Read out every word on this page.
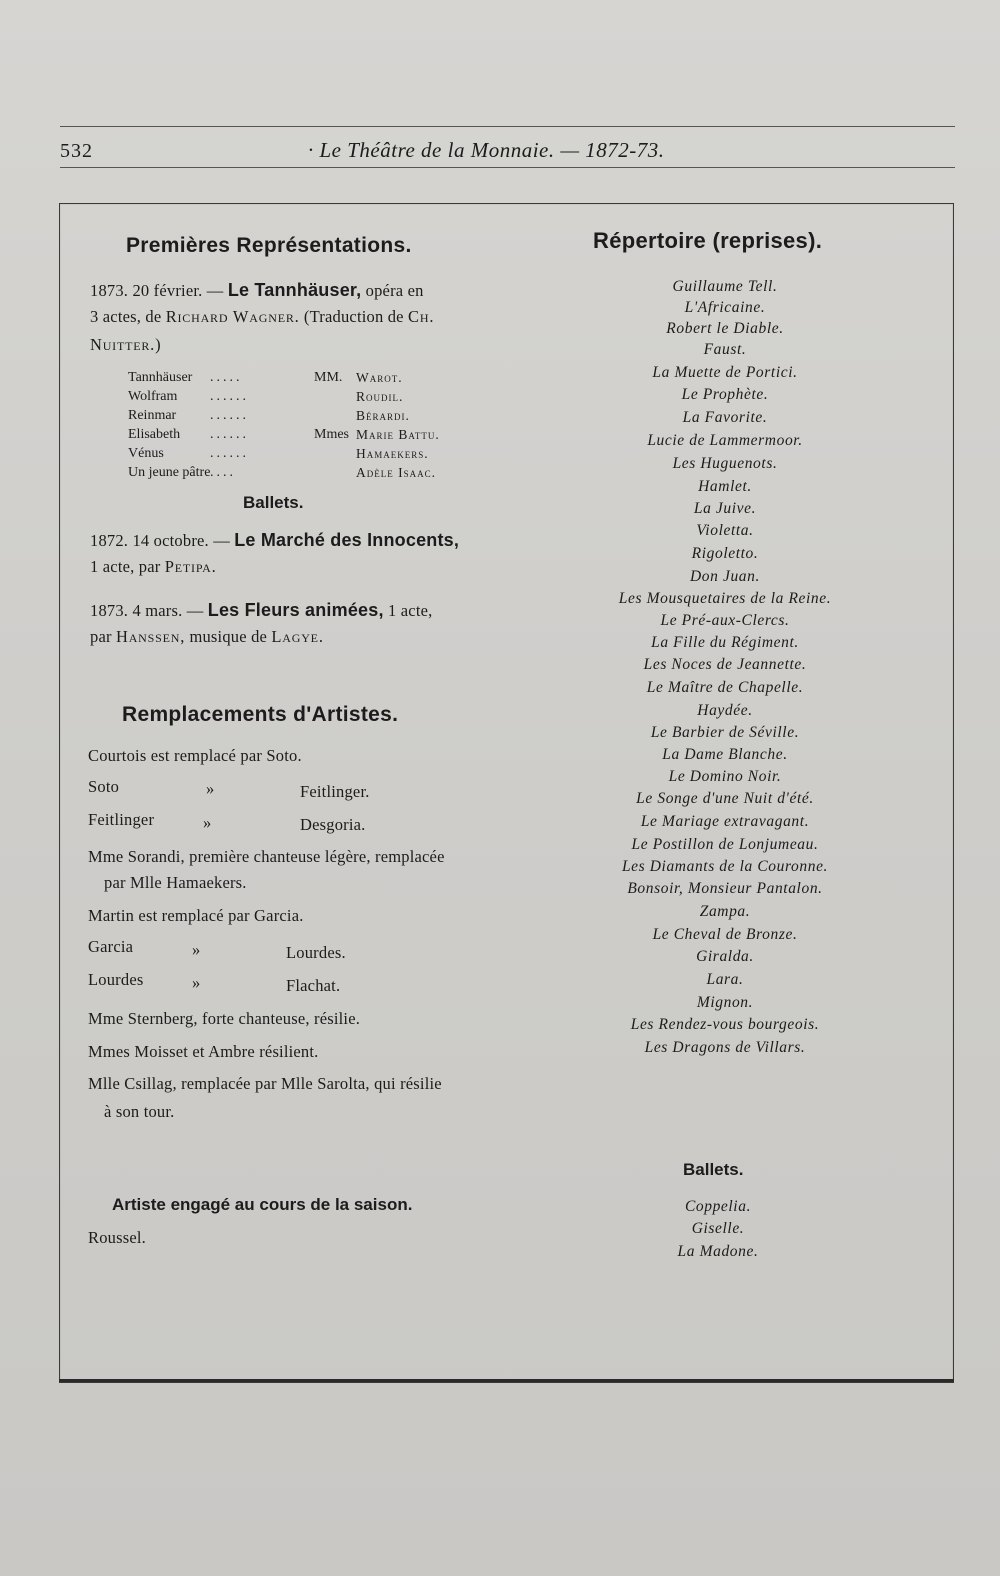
532	· Le Théâtre de la Monnaie. — 1872-73.
Premières Représentations.
1873. 20 février. — Le Tannhäuser, opéra en
3 actes, de Richard Wagner. (Traduction de Ch.
Nuitter.)
Tannhäuser .....	MM. Warot.
Wolfram ......	Roudil.
Reinmar ......	Bérardi.
Elisabeth ......	Mmes Marie Battu.
Vénus	......	Hamaekers.
Un jeune pâtre ....	Adèle Isaac.
Ballets.
1872. 14 octobre. — Le Marché des Innocents,
1 acte, par Petipa.
1873. 4 mars. — Les Fleurs animées, 1 acte,
par Hanssen, musique de Lagye.
Remplacements d'Artistes.
Courtois est remplacé par Soto.
Soto	»	Feitlinger.
Feitlinger	»	Desgoria.
Mme Sorandi, première chanteuse légère, remplacée
par Mlle Hamaekers.
Martin est remplacé par Garcia.
Garcia	»	Lourdes.
Lourdes	»	Flachat.
Mme Sternberg, forte chanteuse, résilie.
Mmes Moisset et Ambre résilient.
Mlle Csillag, remplacée par Mlle Sarolta, qui résilie
à son tour.
Artiste engagé au cours de la saison.
Roussel.
Répertoire (reprises).
Guillaume Tell.
L'Africaine.
Robert le Diable.
Faust.
La Muette de Portici.
Le Prophète.
La Favorite.
Lucie de Lammermoor.
Les Huguenots.
Hamlet.
La Juive.
Violetta.
Rigoletto.
Don Juan.
Les Mousquetaires de la Reine.
Le Pré-aux-Clercs.
La Fille du Régiment.
Les Noces de Jeannette.
Le Maître de Chapelle.
Haydée.
Le Barbier de Séville.
La Dame Blanche.
Le Domino Noir.
Le Songe d'une Nuit d'été.
Le Mariage extravagant.
Le Postillon de Lonjumeau.
Les Diamants de la Couronne.
Bonsoir, Monsieur Pantalon.
Zampa.
Le Cheval de Bronze.
Giralda.
Lara.
Mignon.
Les Rendez-vous bourgeois.
Les Dragons de Villars.
Ballets.
Coppelia.
Giselle.
La Madone.
